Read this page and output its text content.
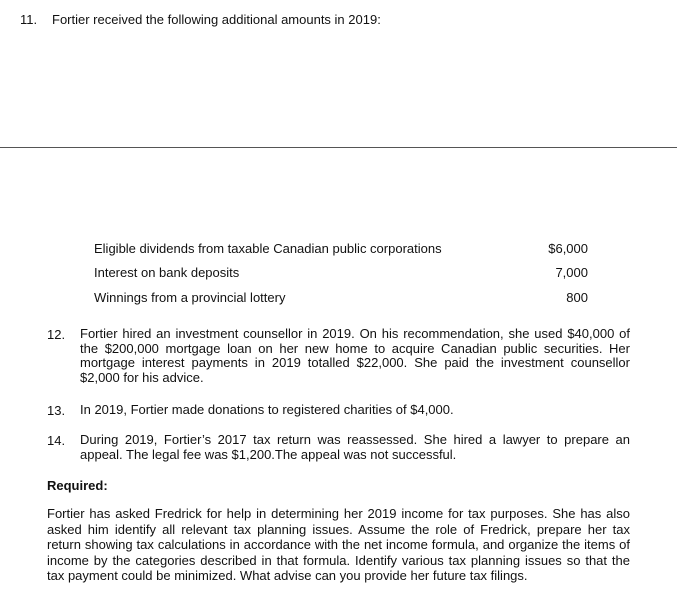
11. Fortier received the following additional amounts in 2019:
Eligible dividends from taxable Canadian public corporations	$6,000
Interest on bank deposits	7,000
Winnings from a provincial lottery	800
12. Fortier hired an investment counsellor in 2019. On his recommendation, she used $40,000 of the $200,000 mortgage loan on her new home to acquire Canadian public securities. Her mortgage interest payments in 2019 totalled $22,000. She paid the investment counsellor $2,000 for his advice.
13. In 2019, Fortier made donations to registered charities of $4,000.
14. During 2019, Fortier’s 2017 tax return was reassessed. She hired a lawyer to prepare an appeal. The legal fee was $1,200.The appeal was not successful.
Required:
Fortier has asked Fredrick for help in determining her 2019 income for tax purposes. She has also asked him identify all relevant tax planning issues. Assume the role of Fredrick, prepare her tax return showing tax calculations in accordance with the net income formula, and organize the items of income by the categories described in that formula. Identify various tax planning issues so that the tax payment could be minimized. What advise can you provide her future tax filings.
